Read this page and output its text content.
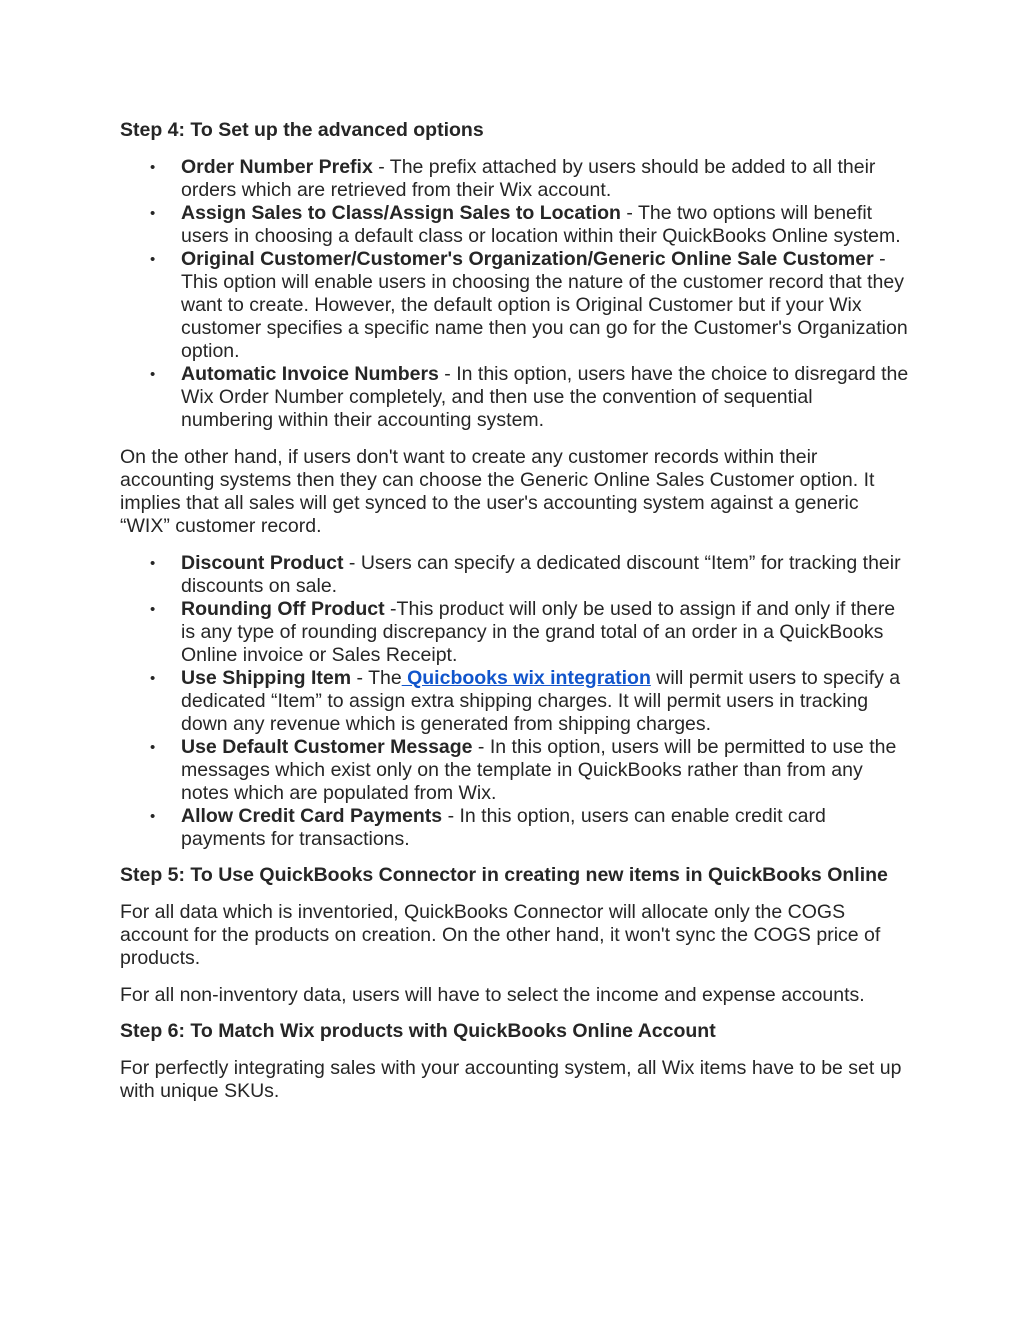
Step 4: To Set up the advanced options
• Order Number Prefix - The prefix attached by users should be added to all their orders which are retrieved from their Wix account.
• Assign Sales to Class/Assign Sales to Location - The two options will benefit users in choosing a default class or location within their QuickBooks Online system.
• Original Customer/Customer's Organization/Generic Online Sale Customer - This option will enable users in choosing the nature of the customer record that they want to create. However, the default option is Original Customer but if your Wix customer specifies a specific name then you can go for the Customer's Organization option.
• Automatic Invoice Numbers - In this option, users have the choice to disregard the Wix Order Number completely, and then use the convention of sequential numbering within their accounting system.

On the other hand, if users don't want to create any customer records within their accounting systems then they can choose the Generic Online Sales Customer option. It implies that all sales will get synced to the user's accounting system against a generic “WIX” customer record.

• Discount Product - Users can specify a dedicated discount “Item” for tracking their discounts on sale.
• Rounding Off Product -This product will only be used to assign if and only if there is any type of rounding discrepancy in the grand total of an order in a QuickBooks Online invoice or Sales Receipt.
• Use Shipping Item - The Quicbooks wix integration will permit users to specify a dedicated “Item” to assign extra shipping charges. It will permit users in tracking down any revenue which is generated from shipping charges.
• Use Default Customer Message - In this option, users will be permitted to use the messages which exist only on the template in QuickBooks rather than from any notes which are populated from Wix.
• Allow Credit Card Payments - In this option, users can enable credit card payments for transactions.
Step 5: To Use QuickBooks Connector in creating new items in QuickBooks Online

For all data which is inventoried, QuickBooks Connector will allocate only the COGS account for the products on creation. On the other hand, it won't sync the COGS price of products.

For all non-inventory data, users will have to select the income and expense accounts.

Step 6: To Match Wix products with QuickBooks Online Account

For perfectly integrating sales with your accounting system, all Wix items have to be set up with unique SKUs.
